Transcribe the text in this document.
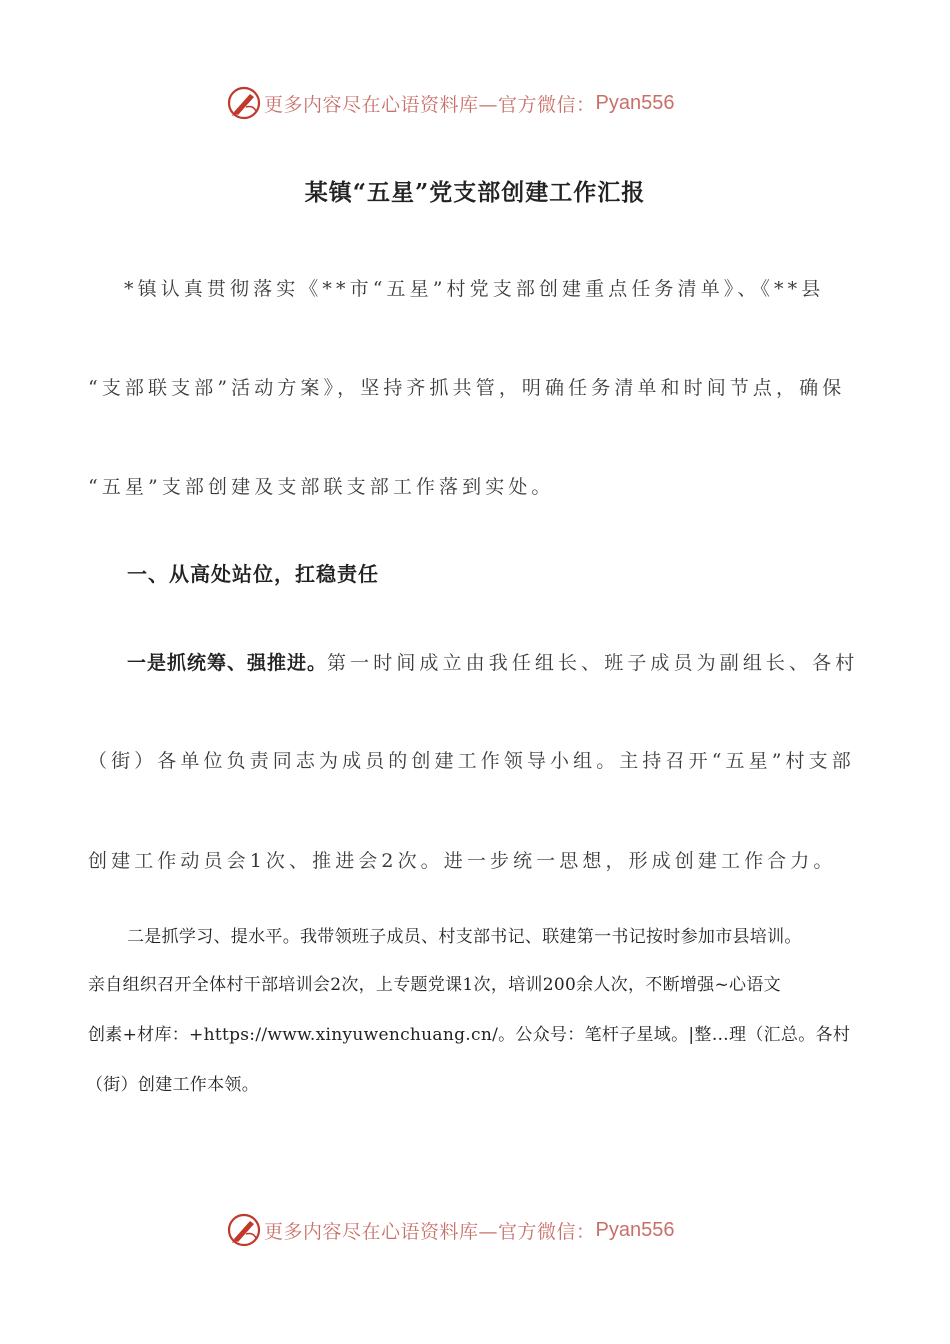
更多内容尽在心语资料库—官方微信： Pyan556
某镇“五星”党支部创建工作汇报
*镇认真贯彻落实《**市“五星”村党支部创建重点任务清单》、《**县
“支部联支部”活动方案》，坚持齐抓共管，明确任务清单和时间节点，确保
“五星”支部创建及支部联支部工作落到实处。
一、从高处站位，扛稳责任
一是抓统筹、强推进。第一时间成立由我任组长、班子成员为副组长、各村
（街）各单位负责同志为成员的创建工作领导小组。主持召开“五星”村支部
创建工作动员会1次、推进会2次。进一步统一思想，形成创建工作合力。
二是抓学习、提水平。我带领班子成员、村支部书记、联建第一书记按时参加市县培训。
亲自组织召开全体村干部培训会2次，上专题党课1次，培训200余人次，不断增强~心语文
创素+材库：+https://www.xinyuwenchuang.cn/。公众号：笔杆子星域。|整…理（汇总。各村
（街）创建工作本领。
更多内容尽在心语资料库—官方微信： Pyan556
